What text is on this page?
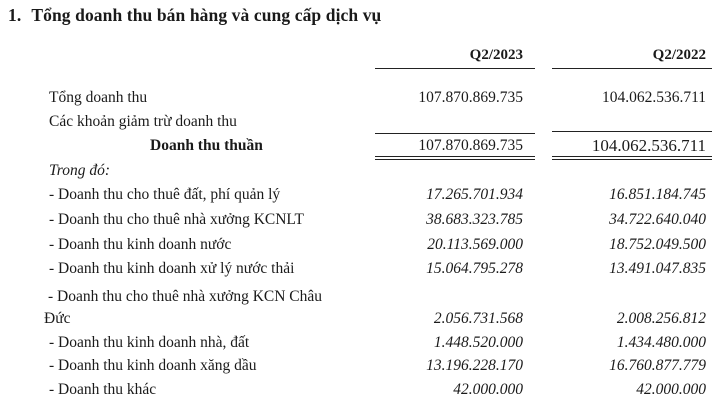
1. Tổng doanh thu bán hàng và cung cấp dịch vụ
Q2/2023	Q2/2022
Tổng doanh thu	107.870.869.735	104.062.536.711
Các khoản giảm trừ doanh thu
Doanh thu thuần	107.870.869.735	104.062.536.711
Trong đó:
- Doanh thu cho thuê đất, phí quản lý	17.265.701.934	16.851.184.745
- Doanh thu cho thuê nhà xưởng KCNLT	38.683.323.785	34.722.640.040
- Doanh thu kinh doanh nước	20.113.569.000	18.752.049.500
- Doanh thu kinh doanh xử lý nước thải	15.064.795.278	13.491.047.835
- Doanh thu cho thuê nhà xưởng KCN Châu
Đức	2.056.731.568	2.008.256.812
- Doanh thu kinh doanh nhà, đất	1.448.520.000	1.434.480.000
- Doanh thu kinh doanh xăng dầu	13.196.228.170	16.760.877.779
- Doanh thu khác	42.000.000	42.000.000
